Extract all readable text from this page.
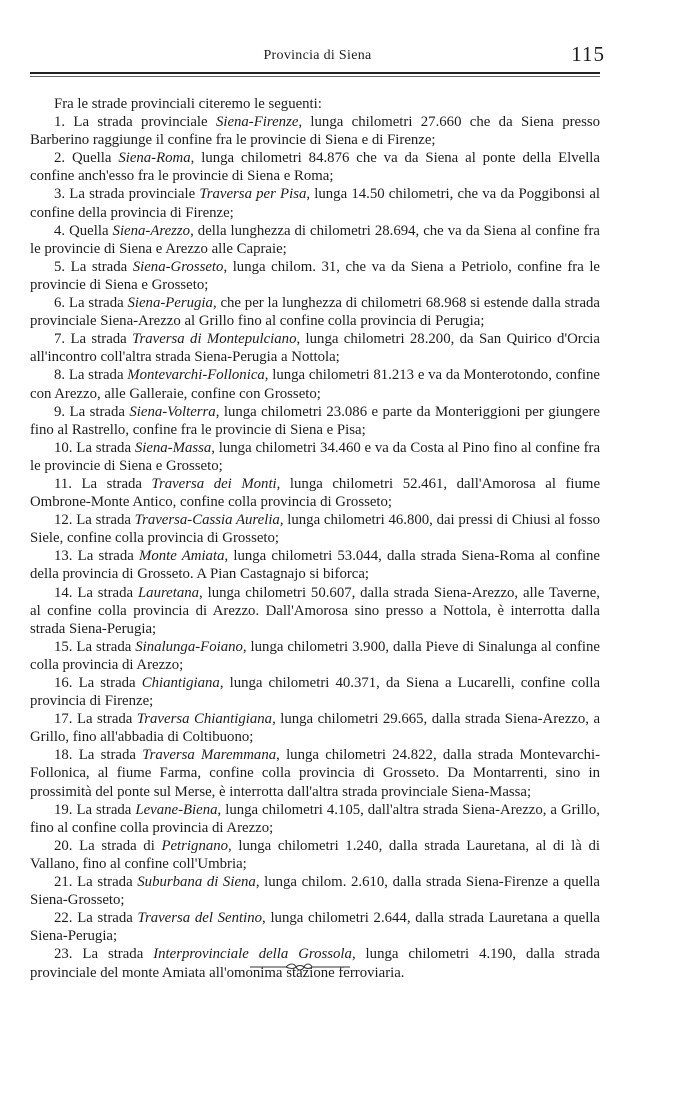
Provincia di Siena	115

Fra le strade provinciali citeremo le seguenti:

1. La strada provinciale Siena-Firenze, lunga chilometri 27.660 che da Siena presso Barberino raggiunge il confine fra le provincie di Siena e di Firenze;

2. Quella Siena-Roma, lunga chilometri 84.876 che va da Siena al ponte della Elvella confine anch'esso fra le provincie di Siena e Roma;

3. La strada provinciale Traversa per Pisa, lunga 14.50 chilometri, che va da Poggibonsi al confine della provincia di Firenze;

4. Quella Siena-Arezzo, della lunghezza di chilometri 28.694, che va da Siena al confine fra le provincie di Siena e Arezzo alle Capraie;

5. La strada Siena-Grosseto, lunga chilom. 31, che va da Siena a Petriolo, confine fra le provincie di Siena e Grosseto;

6. La strada Siena-Perugia, che per la lunghezza di chilometri 68.968 si estende dalla strada provinciale Siena-Arezzo al Grillo fino al confine colla provincia di Perugia;

7. La strada Traversa di Montepulciano, lunga chilometri 28.200, da San Quirico d'Orcia all'incontro coll'altra strada Siena-Perugia a Nottola;

8. La strada Montevarchi-Follonica, lunga chilometri 81.213 e va da Monterotondo, confine con Arezzo, alle Galleraie, confine con Grosseto;

9. La strada Siena-Volterra, lunga chilometri 23.086 e parte da Monteriggioni per giungere fino al Rastrello, confine fra le provincie di Siena e Pisa;

10. La strada Siena-Massa, lunga chilometri 34.460 e va da Costa al Pino fino al confine fra le provincie di Siena e Grosseto;

11. La strada Traversa dei Monti, lunga chilometri 52.461, dall'Amorosa al fiume Ombrone-Monte Antico, confine colla provincia di Grosseto;

12. La strada Traversa-Cassia Aurelia, lunga chilometri 46.800, dai pressi di Chiusi al fosso Siele, confine colla provincia di Grosseto;

13. La strada Monte Amiata, lunga chilometri 53.044, dalla strada Siena-Roma al confine della provincia di Grosseto. A Pian Castagnajo si biforca;

14. La strada Lauretana, lunga chilometri 50.607, dalla strada Siena-Arezzo, alle Taverne, al confine colla provincia di Arezzo. Dall'Amorosa sino presso a Nottola, è interrotta dalla strada Siena-Perugia;

15. La strada Sinalunga-Foiano, lunga chilometri 3.900, dalla Pieve di Sinalunga al confine colla provincia di Arezzo;

16. La strada Chiantigiana, lunga chilometri 40.371, da Siena a Lucarelli, confine colla provincia di Firenze;

17. La strada Traversa Chiantigiana, lunga chilometri 29.665, dalla strada Siena-Arezzo, a Grillo, fino all'abbadia di Coltibuono;

18. La strada Traversa Maremmana, lunga chilometri 24.822, dalla strada Montevarchi-Follonica, al fiume Farma, confine colla provincia di Grosseto. Da Montarrenti, sino in prossimità del ponte sul Merse, è interrotta dall'altra strada provinciale Siena-Massa;

19. La strada Levane-Biena, lunga chilometri 4.105, dall'altra strada Siena-Arezzo, a Grillo, fino al confine colla provincia di Arezzo;

20. La strada di Petrignano, lunga chilometri 1.240, dalla strada Lauretana, al di là di Vallano, fino al confine coll'Umbria;

21. La strada Suburbana di Siena, lunga chilom. 2.610, dalla strada Siena-Firenze a quella Siena-Grosseto;

22. La strada Traversa del Sentino, lunga chilometri 2.644, dalla strada Lauretana a quella Siena-Perugia;

23. La strada Interprovinciale della Grossola, lunga chilometri 4.190, dalla strada provinciale del monte Amiata all'omonima stazione ferroviaria.
